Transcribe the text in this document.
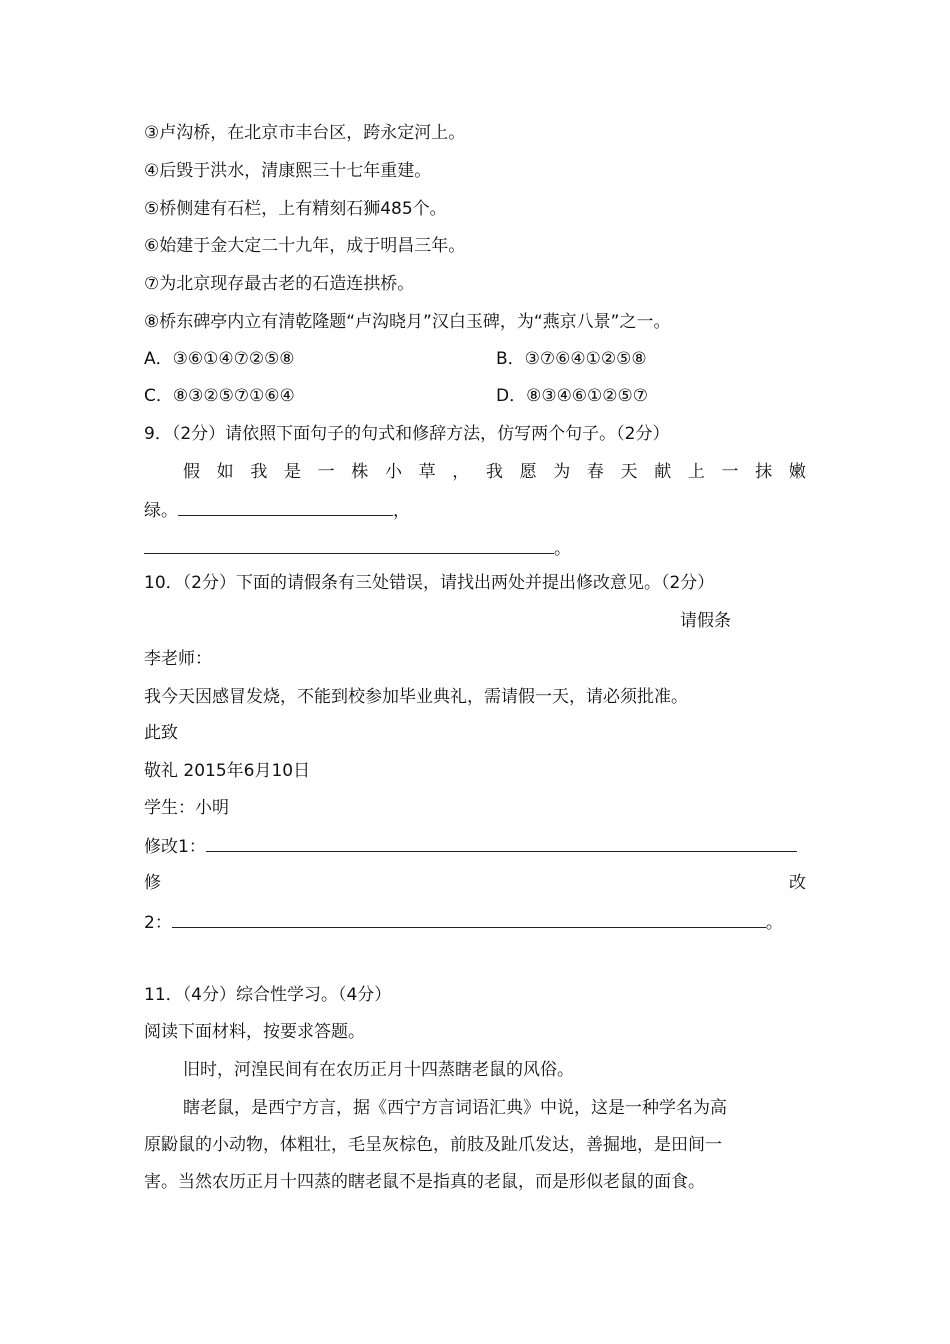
③卢沟桥，在北京市丰台区，跨永定河上。
④后毁于洪水，清康熙三十七年重建。
⑤桥侧建有石栏，上有精刻石狮485个。
⑥始建于金大定二十九年，成于明昌三年。
⑦为北京现存最古老的石造连拱桥。
⑧桥东碑亭内立有清乾隆题“卢沟晓月”汉白玉碑，为“燕京八景”之一。
A．③⑥①④⑦②⑤⑧	B．③⑦⑥④①②⑤⑧
C．⑧③②⑤⑦①⑥④	D．⑧③④⑥①②⑤⑦
9．（2分）请依照下面句子的句式和修辞方法，仿写两个句子。（2分）
假 如 我 是 一 株 小 草 ， 我 愿 为 春 天 献 上 一 抹 嫩
绿。	，
。
10．（2分）下面的请假条有三处错误，请找出两处并提出修改意见。（2分）
请假条
李老师：
我今天因感冒发烧，不能到校参加毕业典礼，需请假一天，请必须批准。
此致
敬礼 2015年6月10日
学生：小明
修改1：
修	改
2：	。
11．（4分）综合性学习。（4分）
阅读下面材料，按要求答题。
旧时，河湟民间有在农历正月十四蒸瞎老鼠的风俗。
瞎老鼠，是西宁方言，据《西宁方言词语汇典》中说，这是一种学名为高
原鼢鼠的小动物，体粗壮，毛呈灰棕色，前肢及趾爪发达，善掘地，是田间一
害。当然农历正月十四蒸的瞎老鼠不是指真的老鼠，而是形似老鼠的面食。
